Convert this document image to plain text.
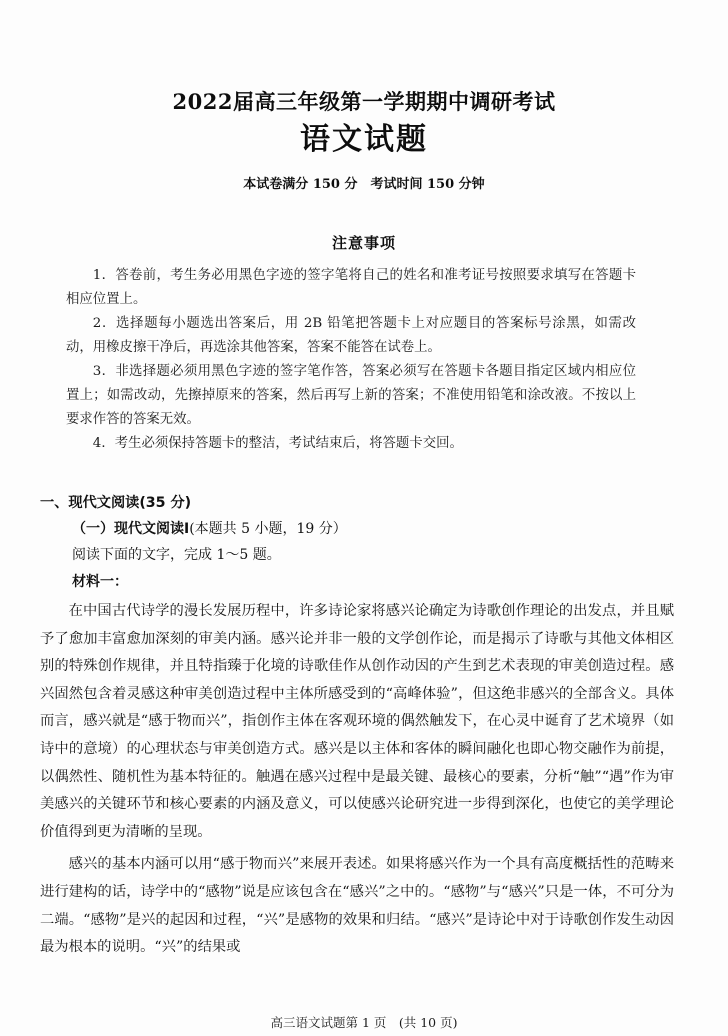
2022届高三年级第一学期期中调研考试
语文试题
本试卷满分 150 分　考试时间 150 分钟
注意事项

1．答卷前，考生务必用黑色字迹的签字笔将自己的姓名和准考证号按照要求填写在答题卡相应位置上。

2．选择题每小题选出答案后，用 2B 铅笔把答题卡上对应题目的答案标号涂黑，如需改动，用橡皮擦干净后，再选涂其他答案，答案不能答在试卷上。

3．非选择题必须用黑色字迹的签字笔作答，答案必须写在答题卡各题目指定区域内相应位置上；如需改动，先擦掉原来的答案，然后再写上新的答案；不准使用铅笔和涂改液。不按以上要求作答的答案无效。

4．考生必须保持答题卡的整洁，考试结束后，将答题卡交回。

一、现代文阅读(35 分)
（一）现代文阅读Ⅰ(本题共 5 小题，19 分）
阅读下面的文字，完成 1～5 题。
材料一：

在中国古代诗学的漫长发展历程中，许多诗论家将感兴论确定为诗歌创作理论的出发点，并且赋予了愈加丰富愈加深刻的审美内涵。感兴论并非一般的文学创作论，而是揭示了诗歌与其他文体相区别的特殊创作规律，并且特指臻于化境的诗歌佳作从创作动因的产生到艺术表现的审美创造过程。感兴固然包含着灵感这种审美创造过程中主体所感受到的“高峰体验”，但这绝非感兴的全部含义。具体而言，感兴就是“感于物而兴”，指创作主体在客观环境的偶然触发下，在心灵中诞育了艺术境界（如诗中的意境）的心理状态与审美创造方式。感兴是以主体和客体的瞬间融化也即心物交融作为前提，以偶然性、随机性为基本特征的。触遇在感兴过程中是最关键、最核心的要素，分析“触”“遇”作为审美感兴的关键环节和核心要素的内涵及意义，可以使感兴论研究进一步得到深化，也使它的美学理论价值得到更为清晰的呈现。

感兴的基本内涵可以用“感于物而兴”来展开表述。如果将感兴作为一个具有高度概括性的范畴来进行建构的话，诗学中的“感物”说是应该包含在“感兴”之中的。“感物”与“感兴”只是一体，不可分为二端。“感物”是兴的起因和过程，“兴”是感物的效果和归结。“感兴”是诗论中对于诗歌创作发生动因最为根本的说明。“兴”的结果或

高三语文试题第 1 页　(共 10 页)
